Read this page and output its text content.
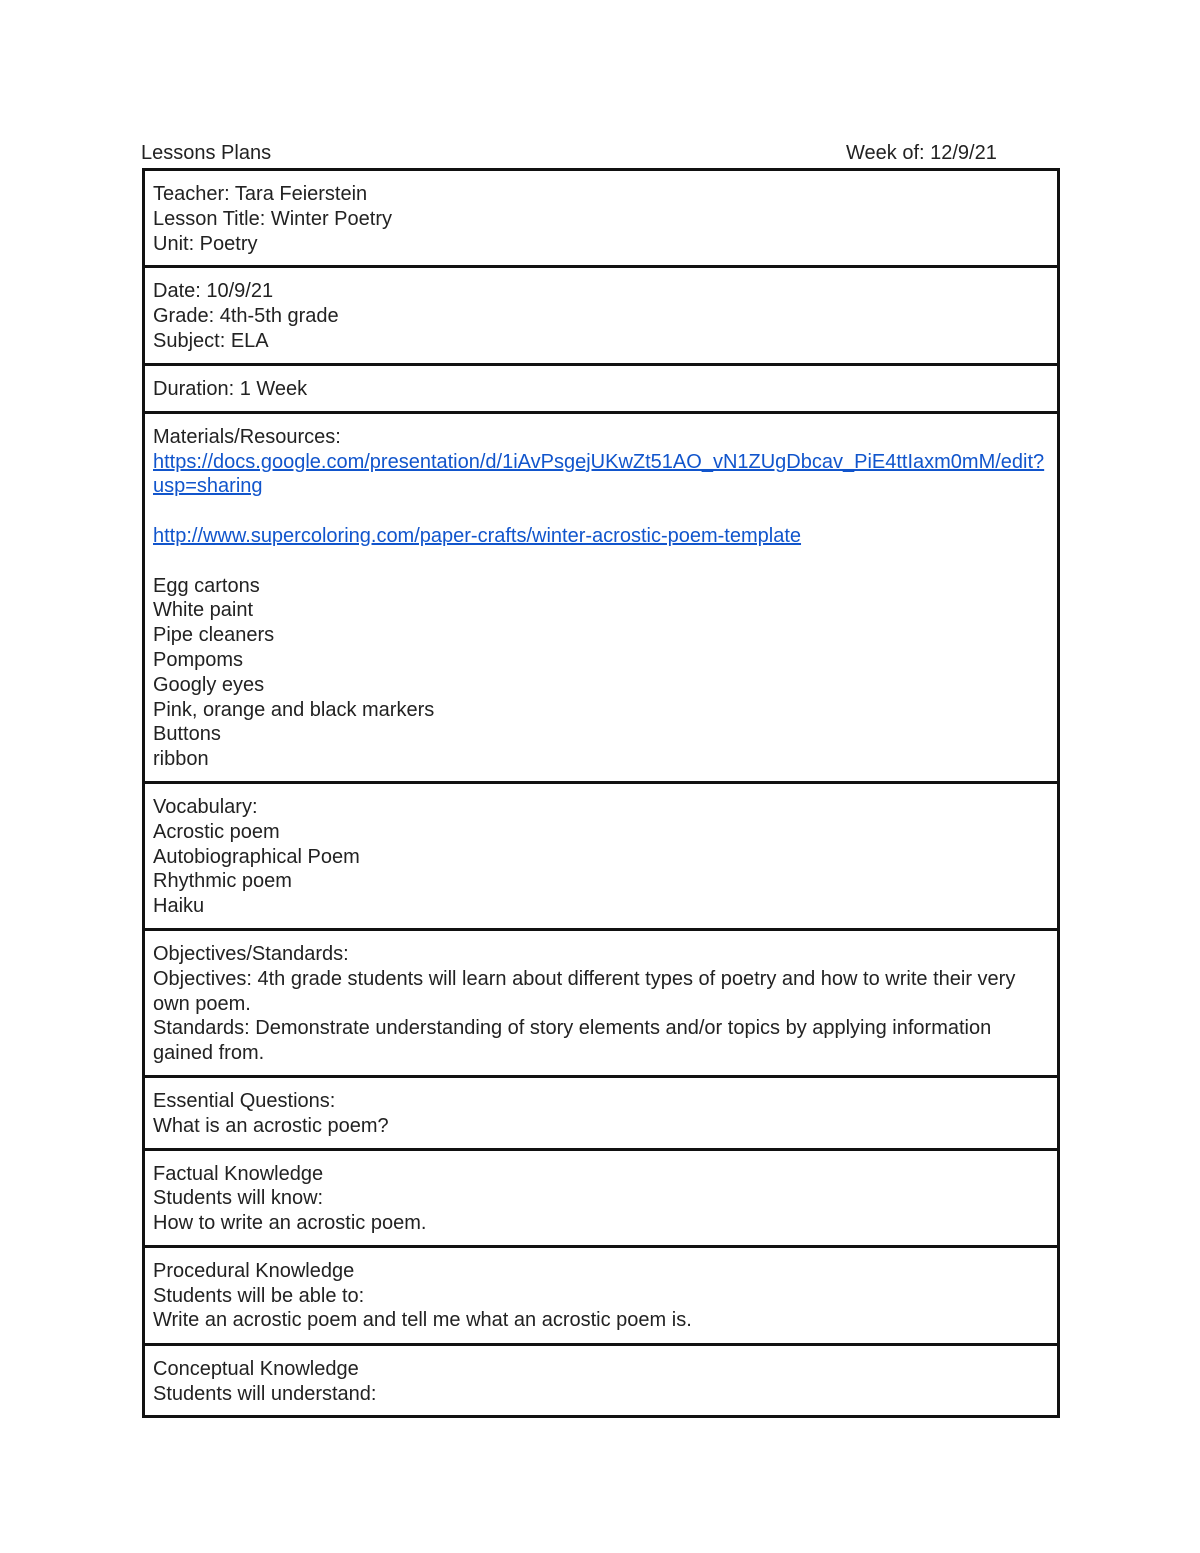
Lessons Plans	Week of: 12/9/21
Teacher: Tara Feierstein
Lesson Title: Winter Poetry
Unit: Poetry

Date: 10/9/21
Grade: 4th-5th grade
Subject: ELA

Duration: 1 Week

Materials/Resources:
https://docs.google.com/presentation/d/1iAvPsgejUKwZt51AO_vN1ZUgDbcav_PiE4ttIaxm0mM/edit?usp=sharing
http://www.supercoloring.com/paper-crafts/winter-acrostic-poem-template
Egg cartons
White paint
Pipe cleaners
Pompoms
Googly eyes
Pink, orange and black markers
Buttons
ribbon

Vocabulary:
Acrostic poem
Autobiographical Poem
Rhythmic poem
Haiku

Objectives/Standards:
Objectives: 4th grade students will learn about different types of poetry and how to write their very own poem.
Standards: Demonstrate understanding of story elements and/or topics by applying information gained from.

Essential Questions:
What is an acrostic poem?

Factual Knowledge
Students will know:
How to write an acrostic poem.

Procedural Knowledge
Students will be able to:
Write an acrostic poem and tell me what an acrostic poem is.

Conceptual Knowledge
Students will understand:
